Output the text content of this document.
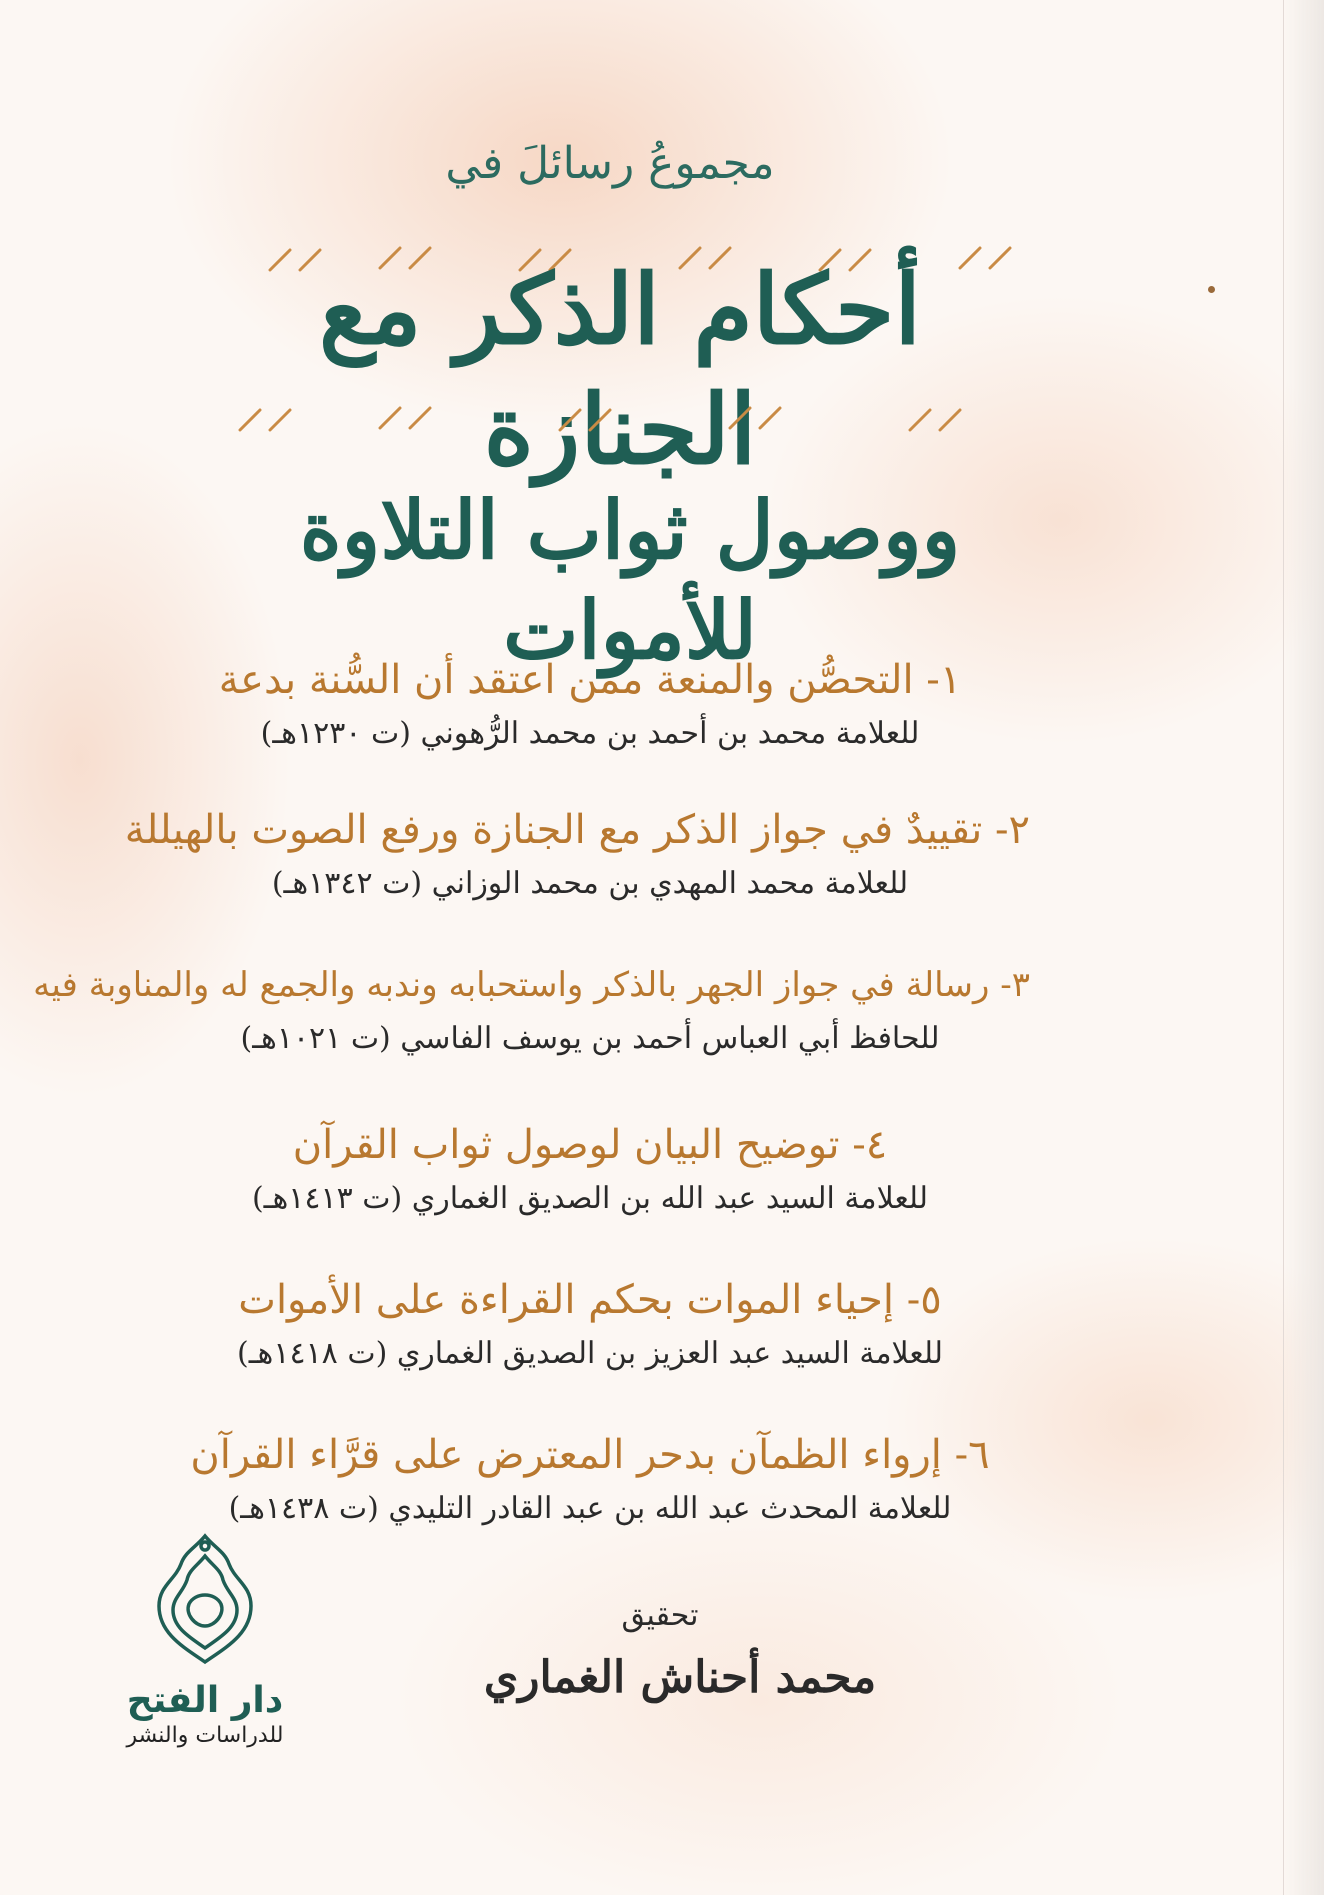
مجموعُ رسائلَ في
أحكام الذكر مع الجنازة
ووصول ثواب التلاوة للأموات
١- التحصُّن والمنعة ممن اعتقد أن السُّنة بدعة
للعلامة محمد بن أحمد بن محمد الرُّهوني (ت ١٢٣٠هـ)
٢- تقييدٌ في جواز الذكر مع الجنازة ورفع الصوت بالهيللة
للعلامة محمد المهدي بن محمد الوزاني (ت ١٣٤٢هـ)
٣- رسالة في جواز الجهر بالذكر واستحبابه وندبه والجمع له والمناوبة فيه
للحافظ أبي العباس أحمد بن يوسف الفاسي (ت ١٠٢١هـ)
٤- توضيح البيان لوصول ثواب القرآن
للعلامة السيد عبد الله بن الصديق الغماري (ت ١٤١٣هـ)
٥- إحياء الموات بحكم القراءة على الأموات
للعلامة السيد عبد العزيز بن الصديق الغماري (ت ١٤١٨هـ)
٦- إرواء الظمآن بدحر المعترض على قرَّاء القرآن
للعلامة المحدث عبد الله بن عبد القادر التليدي (ت ١٤٣٨هـ)
تحقيق
محمد أحناش الغماري
دار الفتح
للدراسات والنشر
